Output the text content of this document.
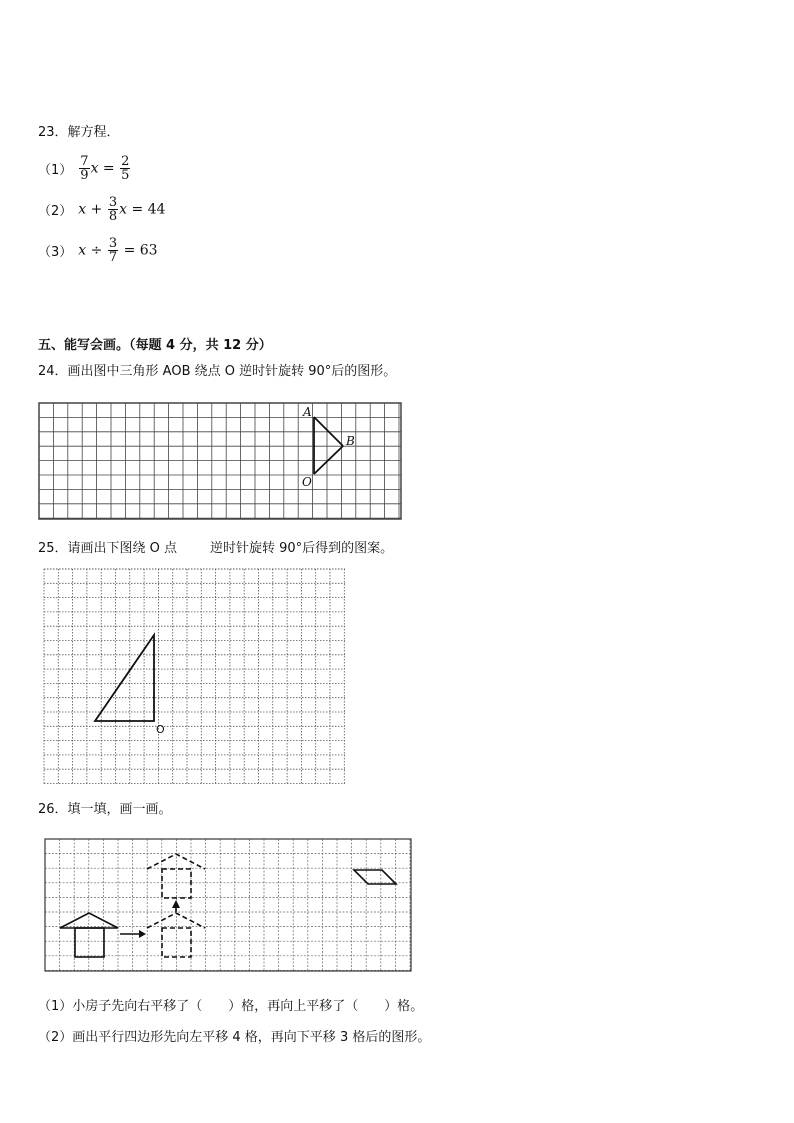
23．解方程．
$(1) \frac{7}{9}$ $x = \frac{2}{5}$
（2） $x + \frac{3}{8}$ x = 44
（3） $x \div \frac{3}{7} = 63$
五、能写会画。（每题 4 分，共 12 分）
24．画出图中三角形 AOB 绕点 O 逆时针旋转 90°后的图形。
A
B
O
25．请画出下图绕 O 点	逆时针旋转 90°后得到的图案。
O
26．填一填，画一画。
（1）小房子先向右平移了（　　）格，再向上平移了（　　）格。
（2）画出平行四边形先向左平移 4 格，再向下平移 3 格后的图形。
